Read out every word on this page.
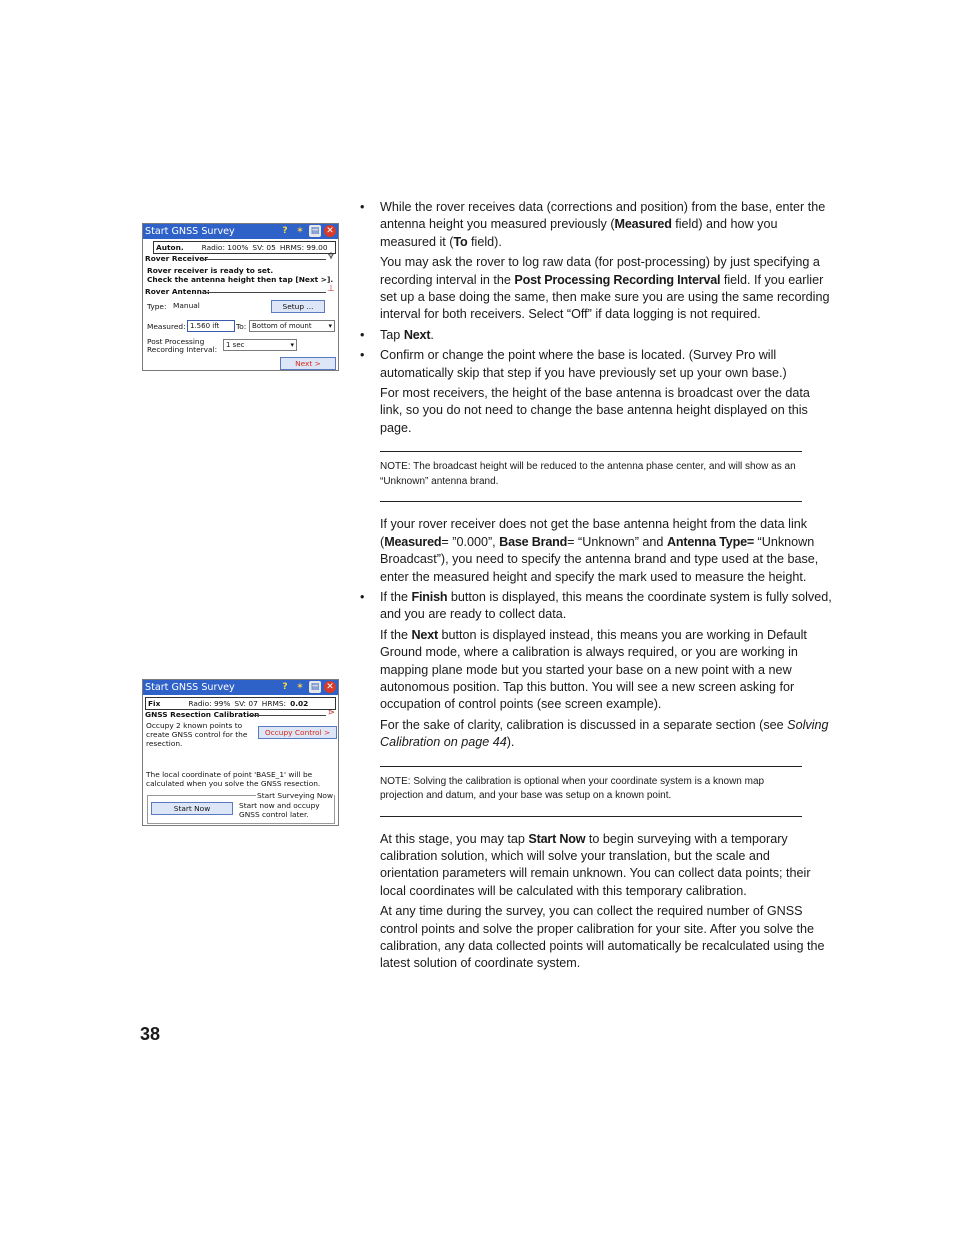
Start GNSS Survey	? ✶ ▤ ✕
Auton. Radio: 100% SV: 05 HRMS: 99.00
Rover Receiver	♆
Rover receiver is ready to set.
Check the antenna height then tap [Next >].
Rover Antenna:	⊥
Type: Manual	Setup ...
Measured: 1.560 ift	To: Bottom of mount ▾
Post Processing
Recording Interval:	1 sec ▾
Next >
Start GNSS Survey	? ✶ ▤ ✕
Fix	Radio: 99% SV: 07 HRMS: 0.02
GNSS Resection Calibration	⋗
Occupy 2 known points to
create GNSS control for the
resection.
Occupy Control >
The local coordinate of point 'BASE_1' will be
calculated when you solve the GNSS resection.
Start Surveying Now
Start Now	Start now and occupy
GNSS control later.
• While the rover receives data (corrections and position) from the base, enter the antenna height you measured previously (Measured field) and how you measured it (To field).

You may ask the rover to log raw data (for post-processing) by just specifying a recording interval in the Post Processing Recording Interval field. If you earlier set up a base doing the same, then make sure you are using the same recording interval for both receivers. Select “Off” if data logging is not required.

• Tap Next.
• Confirm or change the point where the base is located. (Survey Pro will automatically skip that step if you have previously set up your own base.)

For most receivers, the height of the base antenna is broadcast over the data link, so you do not need to change the base antenna height displayed on this page.

NOTE: The broadcast height will be reduced to the antenna phase center, and will show as an “Unknown” antenna brand.

If your rover receiver does not get the base antenna height from the data link (Measured= ”0.000”, Base Brand= “Unknown” and Antenna Type= “Unknown Broadcast”), you need to specify the antenna brand and type used at the base, enter the measured height and specify the mark used to measure the height.

• If the Finish button is displayed, this means the coordinate system is fully solved, and you are ready to collect data.

If the Next button is displayed instead, this means you are working in Default Ground mode, where a calibration is always required, or you are working in mapping plane mode but you started your base on a new point with a new autonomous position. Tap this button. You will see a new screen asking for occupation of control points (see screen example).

For the sake of clarity, calibration is discussed in a separate section (see Solving Calibration on page 44).

NOTE: Solving the calibration is optional when your coordinate system is a known map projection and datum, and your base was setup on a known point.

At this stage, you may tap Start Now to begin surveying with a temporary calibration solution, which will solve your translation, but the scale and orientation parameters will remain unknown. You can collect data points; their local coordinates will be calculated with this temporary calibration.

At any time during the survey, you can collect the required number of GNSS control points and solve the proper calibration for your site. After you solve the calibration, any data collected points will automatically be recalculated using the latest solution of coordinate system.

38
